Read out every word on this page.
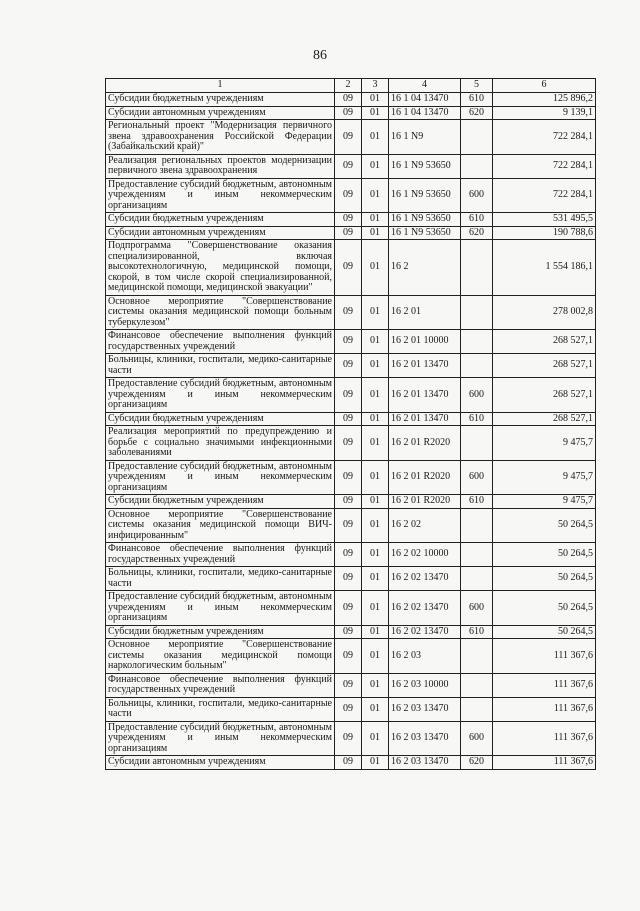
86
1	2	3	4	5	6
Субсидии бюджетным учреждениям	09	01	16 1 04 13470	610	125 896,2
Субсидии автономным учреждениям	09	01	16 1 04 13470	620	9 139,1
Региональный проект "Модернизация первичного звена здравоохранения Российской Федерации (Забайкальский край)"	09	01	16 1 N9		722 284,1
Реализация региональных проектов модернизации первичного звена здравоохранения	09	01	16 1 N9 53650		722 284,1
Предоставление субсидий бюджетным, автономным учреждениям и иным некоммерческим организациям	09	01	16 1 N9 53650	600	722 284,1
Субсидии бюджетным учреждениям	09	01	16 1 N9 53650	610	531 495,5
Субсидии автономным учреждениям	09	01	16 1 N9 53650	620	190 788,6
Подпрограмма "Совершенствование оказания специализированной, включая высокотехнологичную, медицинской помощи, скорой, в том числе скорой специализированной, медицинской помощи, медицинской эвакуации"	09	01	16 2		1 554 186,1
Основное мероприятие "Совершенствование системы оказания медицинской помощи больным туберкулезом"	09	01	16 2 01		278 002,8
Финансовое обеспечение выполнения функций государственных учреждений	09	01	16 2 01 10000		268 527,1
Больницы, клиники, госпитали, медико-санитарные части	09	01	16 2 01 13470		268 527,1
Предоставление субсидий бюджетным, автономным учреждениям и иным некоммерческим организациям	09	01	16 2 01 13470	600	268 527,1
Субсидии бюджетным учреждениям	09	01	16 2 01 13470	610	268 527,1
Реализация мероприятий по предупреждению и борьбе с социально значимыми инфекционными заболеваниями	09	01	16 2 01 R2020		9 475,7
Предоставление субсидий бюджетным, автономным учреждениям и иным некоммерческим организациям	09	01	16 2 01 R2020	600	9 475,7
Субсидии бюджетным учреждениям	09	01	16 2 01 R2020	610	9 475,7
Основное мероприятие "Совершенствование системы оказания медицинской помощи ВИЧ-инфицированным"	09	01	16 2 02		50 264,5
Финансовое обеспечение выполнения функций государственных учреждений	09	01	16 2 02 10000		50 264,5
Больницы, клиники, госпитали, медико-санитарные части	09	01	16 2 02 13470		50 264,5
Предоставление субсидий бюджетным, автономным учреждениям и иным некоммерческим организациям	09	01	16 2 02 13470	600	50 264,5
Субсидии бюджетным учреждениям	09	01	16 2 02 13470	610	50 264,5
Основное мероприятие "Совершенствование системы оказания медицинской помощи наркологическим больным"	09	01	16 2 03		111 367,6
Финансовое обеспечение выполнения функций государственных учреждений	09	01	16 2 03 10000		111 367,6
Больницы, клиники, госпитали, медико-санитарные части	09	01	16 2 03 13470		111 367,6
Предоставление субсидий бюджетным, автономным учреждениям и иным некоммерческим организациям	09	01	16 2 03 13470	600	111 367,6
Субсидии автономным учреждениям	09	01	16 2 03 13470	620	111 367,6
